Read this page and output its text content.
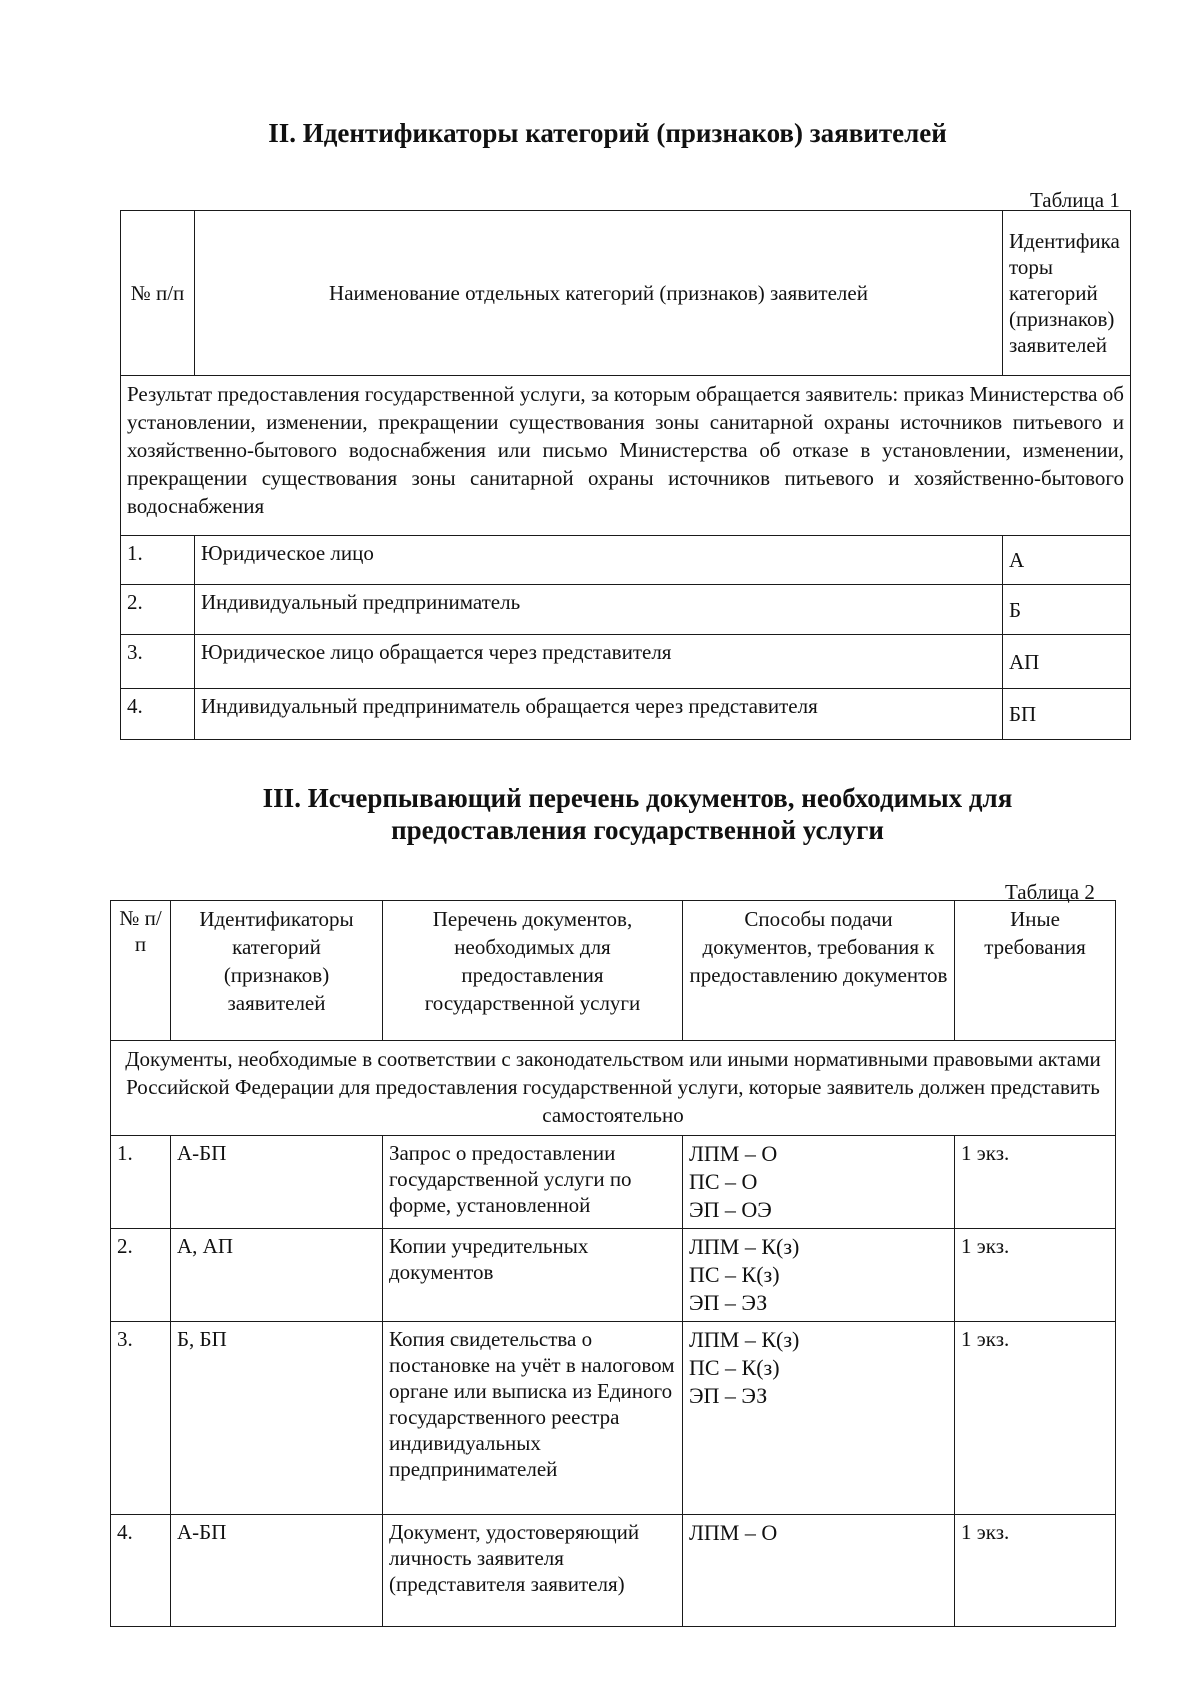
II. Идентификаторы категорий (признаков) заявителей
Таблица 1
№ п/п	Наименование отдельных категорий (признаков) заявителей	Идентифика
торы
категорий
(признаков)
заявителей
Результат предоставления государственной услуги, за которым обращается заявитель: приказ Министерства об установлении, изменении, прекращении существования зоны санитарной охраны источников питьевого и хозяйственно-бытового водоснабжения или письмо Министерства об отказе в установлении, изменении, прекращении существования зоны санитарной охраны источников питьевого и хозяйственно-бытового водоснабжения		
1.	Юридическое лицо	А
2.	Индивидуальный предприниматель	Б
3.	Юридическое лицо обращается через представителя	АП
4.	Индивидуальный предприниматель обращается через представителя	БП
III. Исчерпывающий перечень документов, необходимых для
предоставления государственной услуги
Таблица 2
№ п/п	Идентификаторы категорий (признаков) заявителей	Перечень документов, необходимых для предоставления государственной услуги	Способы подачи документов, требования к предоставлению документов	Иные требования
Документы, необходимые в соответствии с законодательством или иными нормативными правовыми актами Российской Федерации для предоставления государственной услуги, которые заявитель должен представить самостоятельно				
1.	А-БП	Запрос о предоставлении государственной услуги по форме, установленной	ЛПМ – О
ПС – О
ЭП – ОЭ	1 экз.
2.	А, АП	Копии учредительных документов	ЛПМ – К(з)
ПС – К(з)
ЭП – ЭЗ	1 экз.
3.	Б, БП	Копия свидетельства о постановке на учёт в налоговом органе или выписка из Единого государственного реестра индивидуальных предпринимателей	ЛПМ – К(з)
ПС – К(з)
ЭП – ЭЗ	1 экз.
4.	А-БП	Документ, удостоверяющий личность заявителя (представителя заявителя)	ЛПМ – О	1 экз.
